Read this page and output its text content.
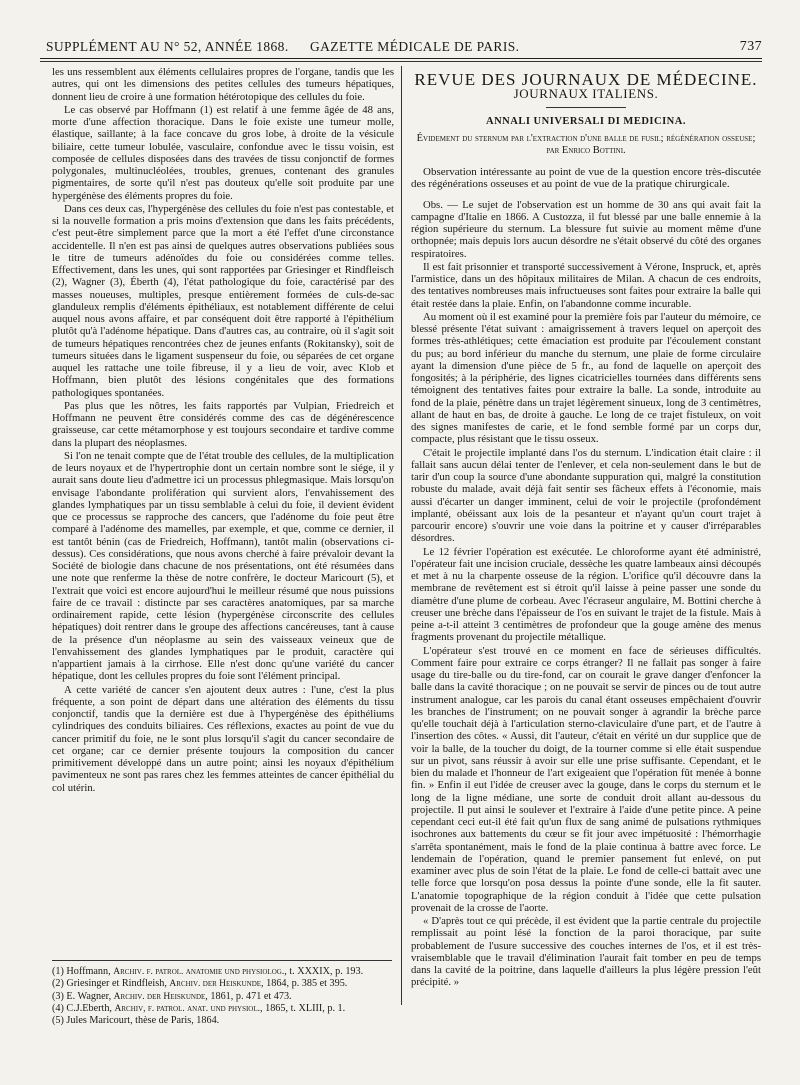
SUPPLÉMENT AU N° 52, ANNÉE 1868. GAZETTE MÉDICALE DE PARIS.	737

les uns ressemblent aux éléments cellulaires propres de l'organe, tandis que les autres, qui ont les dimensions des petites cellules des tumeurs hépatiques, donnent lieu de croire à une formation hétérotopique des cellules du foie.

Le cas observé par Hoffmann (1) est relatif à une femme âgée de 48 ans, morte d'une affection thoracique. Dans le foie existe une tumeur molle, élastique, saillante; à la face concave du gros lobe, à droite de la vésicule biliaire, cette tumeur lobulée, vasculaire, confondue avec le tissu voisin, est composée de cellules disposées dans des travées de tissu conjonctif de formes polygonales, multinucléolées, troubles, grenues, contenant des granules pigmentaires, de sorte qu'il n'est pas douteux qu'elle soit produite par une hypergénèse des éléments propres du foie.

Dans ces deux cas, l'hypergénèse des cellules du foie n'est pas contestable, et si la nouvelle formation a pris moins d'extension que dans les faits précédents, c'est peut-être simplement parce que la mort a été l'effet d'une circonstance accidentelle. Il n'en est pas ainsi de quelques autres observations publiées sous le titre de tumeurs adénoïdes du foie ou considérées comme telles. Effectivement, dans les unes, qui sont rapportées par Griesinger et Rindfleisch (2), Wagner (3), Éberth (4), l'état pathologique du foie, caractérisé par des masses noueuses, multiples, presque entièrement formées de culs-de-sac glanduleux remplis d'éléments épithéliaux, est notablement différente de celui auquel nous avons affaire, et par conséquent doit être rapporté à l'épithélium plutôt qu'à l'adénome hépatique. Dans d'autres cas, au contraire, où il s'agit soit de tumeurs hépatiques rencontrées chez de jeunes enfants (Rokitansky), soit de tumeurs situées dans le ligament suspenseur du foie, ou séparées de cet organe auquel les rattache une toile fibreuse, il y a lieu de voir, avec Klob et Hoffmann, bien plutôt des lésions congénitales que des formations pathologiques spontanées.

Pas plus que les nôtres, les faits rapportés par Vulpian, Friedreich et Hoffmann ne peuvent être considérés comme des cas de dégénérescence graisseuse, car cette métamorphose y est toujours secondaire et tardive comme dans la plupart des néoplasmes.

Si l'on ne tenait compte que de l'état trouble des cellules, de la multiplication de leurs noyaux et de l'hypertrophie dont un certain nombre sont le siége, il y aurait sans doute lieu d'admettre ici un processus phlegmasique. Mais lorsqu'on envisage l'abondante prolifération qui survient alors, l'envahissement des glandes lymphatiques par un tissu semblable à celui du foie, il devient évident que ce processus se rapproche des cancers, que l'adénome du foie peut être comparé à l'adénome des mamelles, par exemple, et que, comme ce dernier, il est tantôt bénin (cas de Friedreich, Hoffmann), tantôt malin (observations ci-dessus). Ces considérations, que nous avons cherché à faire prévaloir devant la Société de biologie dans chacune de nos présentations, ont été résumées dans une note que renferme la thèse de notre confrère, le docteur Maricourt (5), et l'extrait que voici est encore aujourd'hui le meilleur résumé que nous puissions faire de ce travail : distincte par ses caractères anatomiques, par sa marche ordinairement rapide, cette lésion (hypergénèse circonscrite des cellules hépatiques) doit rentrer dans le groupe des affections cancéreuses, tant à cause de la présence d'un néoplasme au sein des vaisseaux veineux que de l'envahissement des glandes lymphatiques par le produit, caractère qui n'appartient jamais à la cirrhose. Elle n'est donc qu'une variété du cancer hépatique, dont les cellules propres du foie sont l'élément principal.

A cette variété de cancer s'en ajoutent deux autres : l'une, c'est la plus fréquente, a son point de départ dans une altération des éléments du tissu conjonctif, tandis que la dernière est due à l'hypergénèse des épithéliums cylindriques des conduits biliaires. Ces réflexions, exactes au point de vue du cancer primitif du foie, ne le sont plus lorsqu'il s'agit du cancer secondaire de cet organe; car ce dernier présente toujours la composition du cancer primitivement développé dans un autre point; ainsi les noyaux d'épithélium pavimenteux ne sont pas rares chez les femmes atteintes de cancer épithélial du col utérin.

(1) Hoffmann, Archiv. f. patrol. anatomie und physiolog., t. XXXIX, p. 193.
(2) Griesinger et Rindfleish, Archiv. der Heiskunde, 1864, p. 385 et 395.
(3) E. Wagner, Archiv. der Heiskunde, 1861, p. 471 et 473.
(4) C.J.Eberth, Archiv, f. patrol. anat. und physiol., 1865, t. XLIII, p. 1.
(5) Jules Maricourt, thèse de Paris, 1864.
REVUE DES JOURNAUX DE MÉDECINE.
JOURNAUX ITALIENS.
ANNALI UNIVERSALI DI MEDICINA.
Évidement du sternum par l'extraction d'une balle de fusil; régénération osseuse; par Enrico Bottini.

Observation intéressante au point de vue de la question encore très-discutée des régénérations osseuses et au point de vue de la pratique chirurgicale.

Obs. — Le sujet de l'observation est un homme de 30 ans qui avait fait la campagne d'Italie en 1866. A Custozza, il fut blessé par une balle ennemie à la région supérieure du sternum. La blessure fut suivie au moment même d'une orthopnée; mais depuis lors aucun désordre ne s'était observé du côté des organes respiratoires.

Il est fait prisonnier et transporté successivement à Vérone, Inspruck, et, après l'armistice, dans un des hôpitaux militaires de Milan. A chacun de ces endroits, des tentatives nombreuses mais infructueuses sont faites pour extraire la balle qui était restée dans la plaie. Enfin, on l'abandonne comme incurable.

Au moment où il est examiné pour la première fois par l'auteur du mémoire, ce blessé présente l'état suivant : amaigrissement à travers lequel on aperçoit des formes très-athlétiques; cette émaciation est produite par l'écoulement constant du pus; au bord inférieur du manche du sternum, une plaie de forme circulaire ayant la dimension d'une pièce de 5 fr., au fond de laquelle on aperçoit des fongosités; à la périphérie, des lignes cicatricielles tournées dans différents sens témoignent des tentatives faites pour extraire la balle. La sonde, introduite au fond de la plaie, pénètre dans un trajet légèrement sinueux, long de 3 centimètres, allant de haut en bas, de droite à gauche. Le long de ce trajet fistuleux, on voit des signes manifestes de carie, et le fond semble formé par un corps dur, compacte, plus résistant que le tissu osseux.

C'était le projectile implanté dans l'os du sternum. L'indication était claire : il fallait sans aucun délai tenter de l'enlever, et cela non-seulement dans le but de tarir d'un coup la source d'une abondante suppuration qui, malgré la constitution robuste du malade, avait déjà fait sentir ses fâcheux effets à l'économie, mais aussi d'écarter un danger imminent, celui de voir le projectile (profondément implanté, obéissant aux lois de la pesanteur et n'ayant qu'un court trajet à parcourir encore) s'ouvrir une voie dans la poitrine et y causer d'irréparables désordres.

Le 12 février l'opération est exécutée. Le chloroforme ayant été administré, l'opérateur fait une incision cruciale, dessèche les quatre lambeaux ainsi découpés et met à nu la charpente osseuse de la région. L'orifice qu'il découvre dans la membrane de revêtement est si étroit qu'il laisse à peine passer une sonde du diamètre d'une plume de corbeau. Avec l'écraseur angulaire, M. Bottini cherche à creuser une brèche dans l'épaisseur de l'os en suivant le trajet de la fistule. Mais à peine a-t-il atteint 3 centimètres de profondeur que la gouge amène des menus fragments provenant du projectile métallique.

L'opérateur s'est trouvé en ce moment en face de sérieuses difficultés. Comment faire pour extraire ce corps étranger? Il ne fallait pas songer à faire usage du tire-balle ou du tire-fond, car on courait le grave danger d'enfoncer la balle dans la cavité thoracique ; on ne pouvait se servir de pinces ou de tout autre instrument analogue, car les parois du canal étant osseuses empêchaient d'ouvrir les branches de l'instrument; on ne pouvait songer à agrandir la brèche parce qu'elle touchait déjà à l'articulation sterno-claviculaire d'une part, et de l'autre à l'insertion des côtes. « Aussi, dit l'auteur, c'était en vérité un dur supplice que de voir la balle, de la toucher du doigt, de la tourner comme si elle était suspendue sur un pivot, sans réussir à avoir sur elle une prise suffisante. Cependant, et le bien du malade et l'honneur de l'art exigeaient que l'opération fût menée à bonne fin. » Enfin il eut l'idée de creuser avec la gouge, dans le corps du sternum et le long de la ligne médiane, une sorte de conduit droit allant au-dessous du projectile. Il put ainsi le soulever et l'extraire à l'aide d'une petite pince. A peine cependant ceci eut-il été fait qu'un flux de sang animé de pulsations rythmiques isochrones aux battements du cœur se fit jour avec impétuosité : l'hémorrhagie s'arrêta spontanément, mais le fond de la plaie continua à battre avec force. Le lendemain de l'opération, quand le premier pansement fut enlevé, on put examiner avec plus de soin l'état de la plaie. Le fond de celle-ci battait avec une telle force que lorsqu'on posa dessus la pointe d'une sonde, elle la fit sauter. L'anatomie topographique de la région conduit à l'idée que cette pulsation provenait de la crosse de l'aorte.

« D'après tout ce qui précède, il est évident que la partie centrale du projectile remplissait au point lésé la fonction de la paroi thoracique, par suite probablement de l'usure successive des couches internes de l'os, et il est très-vraisemblable que le travail d'élimination l'aurait fait tomber en peu de temps dans la cavité de la poitrine, dans laquelle d'ailleurs la plus légère pression l'eût précipité. »
